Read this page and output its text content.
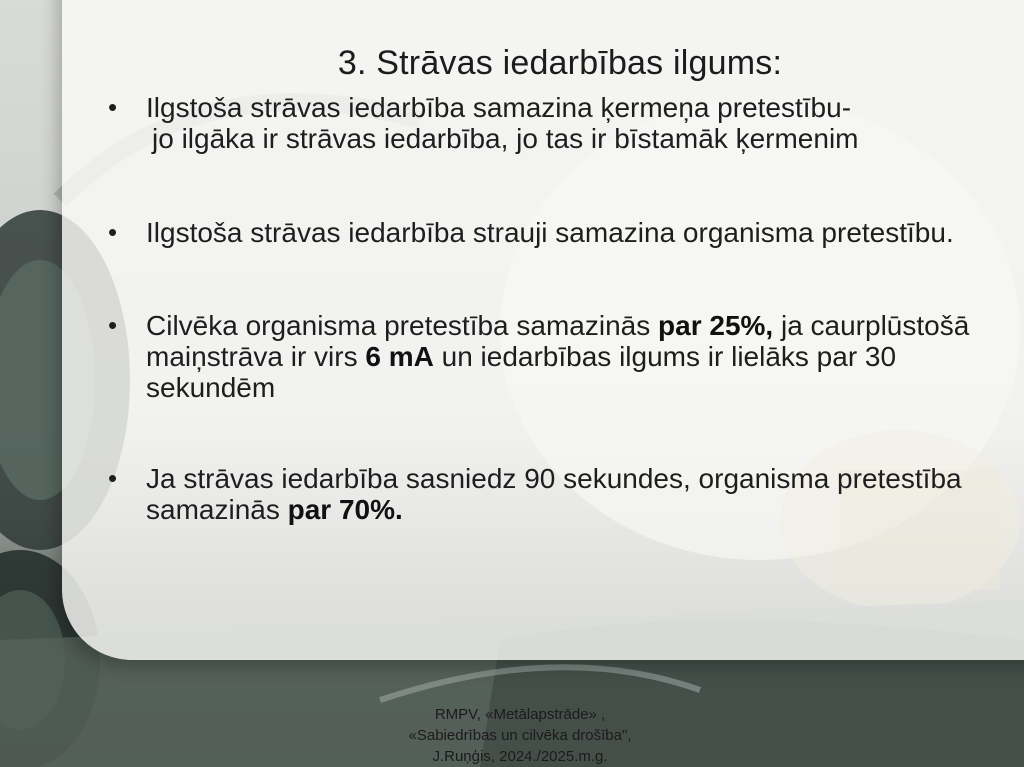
3. Strāvas iedarbības ilgums:
• Ilgstoša strāvas iedarbība samazina ķermeņa pretestību-
jo ilgāka ir strāvas iedarbība, jo tas ir bīstamāk ķermenim
• Ilgstoša strāvas iedarbība strauji samazina organisma pretestību.
• Cilvēka organisma pretestība samazinās par 25%, ja caurplūstošā maiņstrāva ir virs 6 mA un iedarbības ilgums ir lielāks par 30 sekundēm
• Ja strāvas iedarbība sasniedz 90 sekundes, organisma pretestība samazinās par 70%.
RMPV, «Metālapstrāde» ,
«Sabiedrības un cilvēka drošība",
J.Ruņģis, 2024./2025.m.g.
